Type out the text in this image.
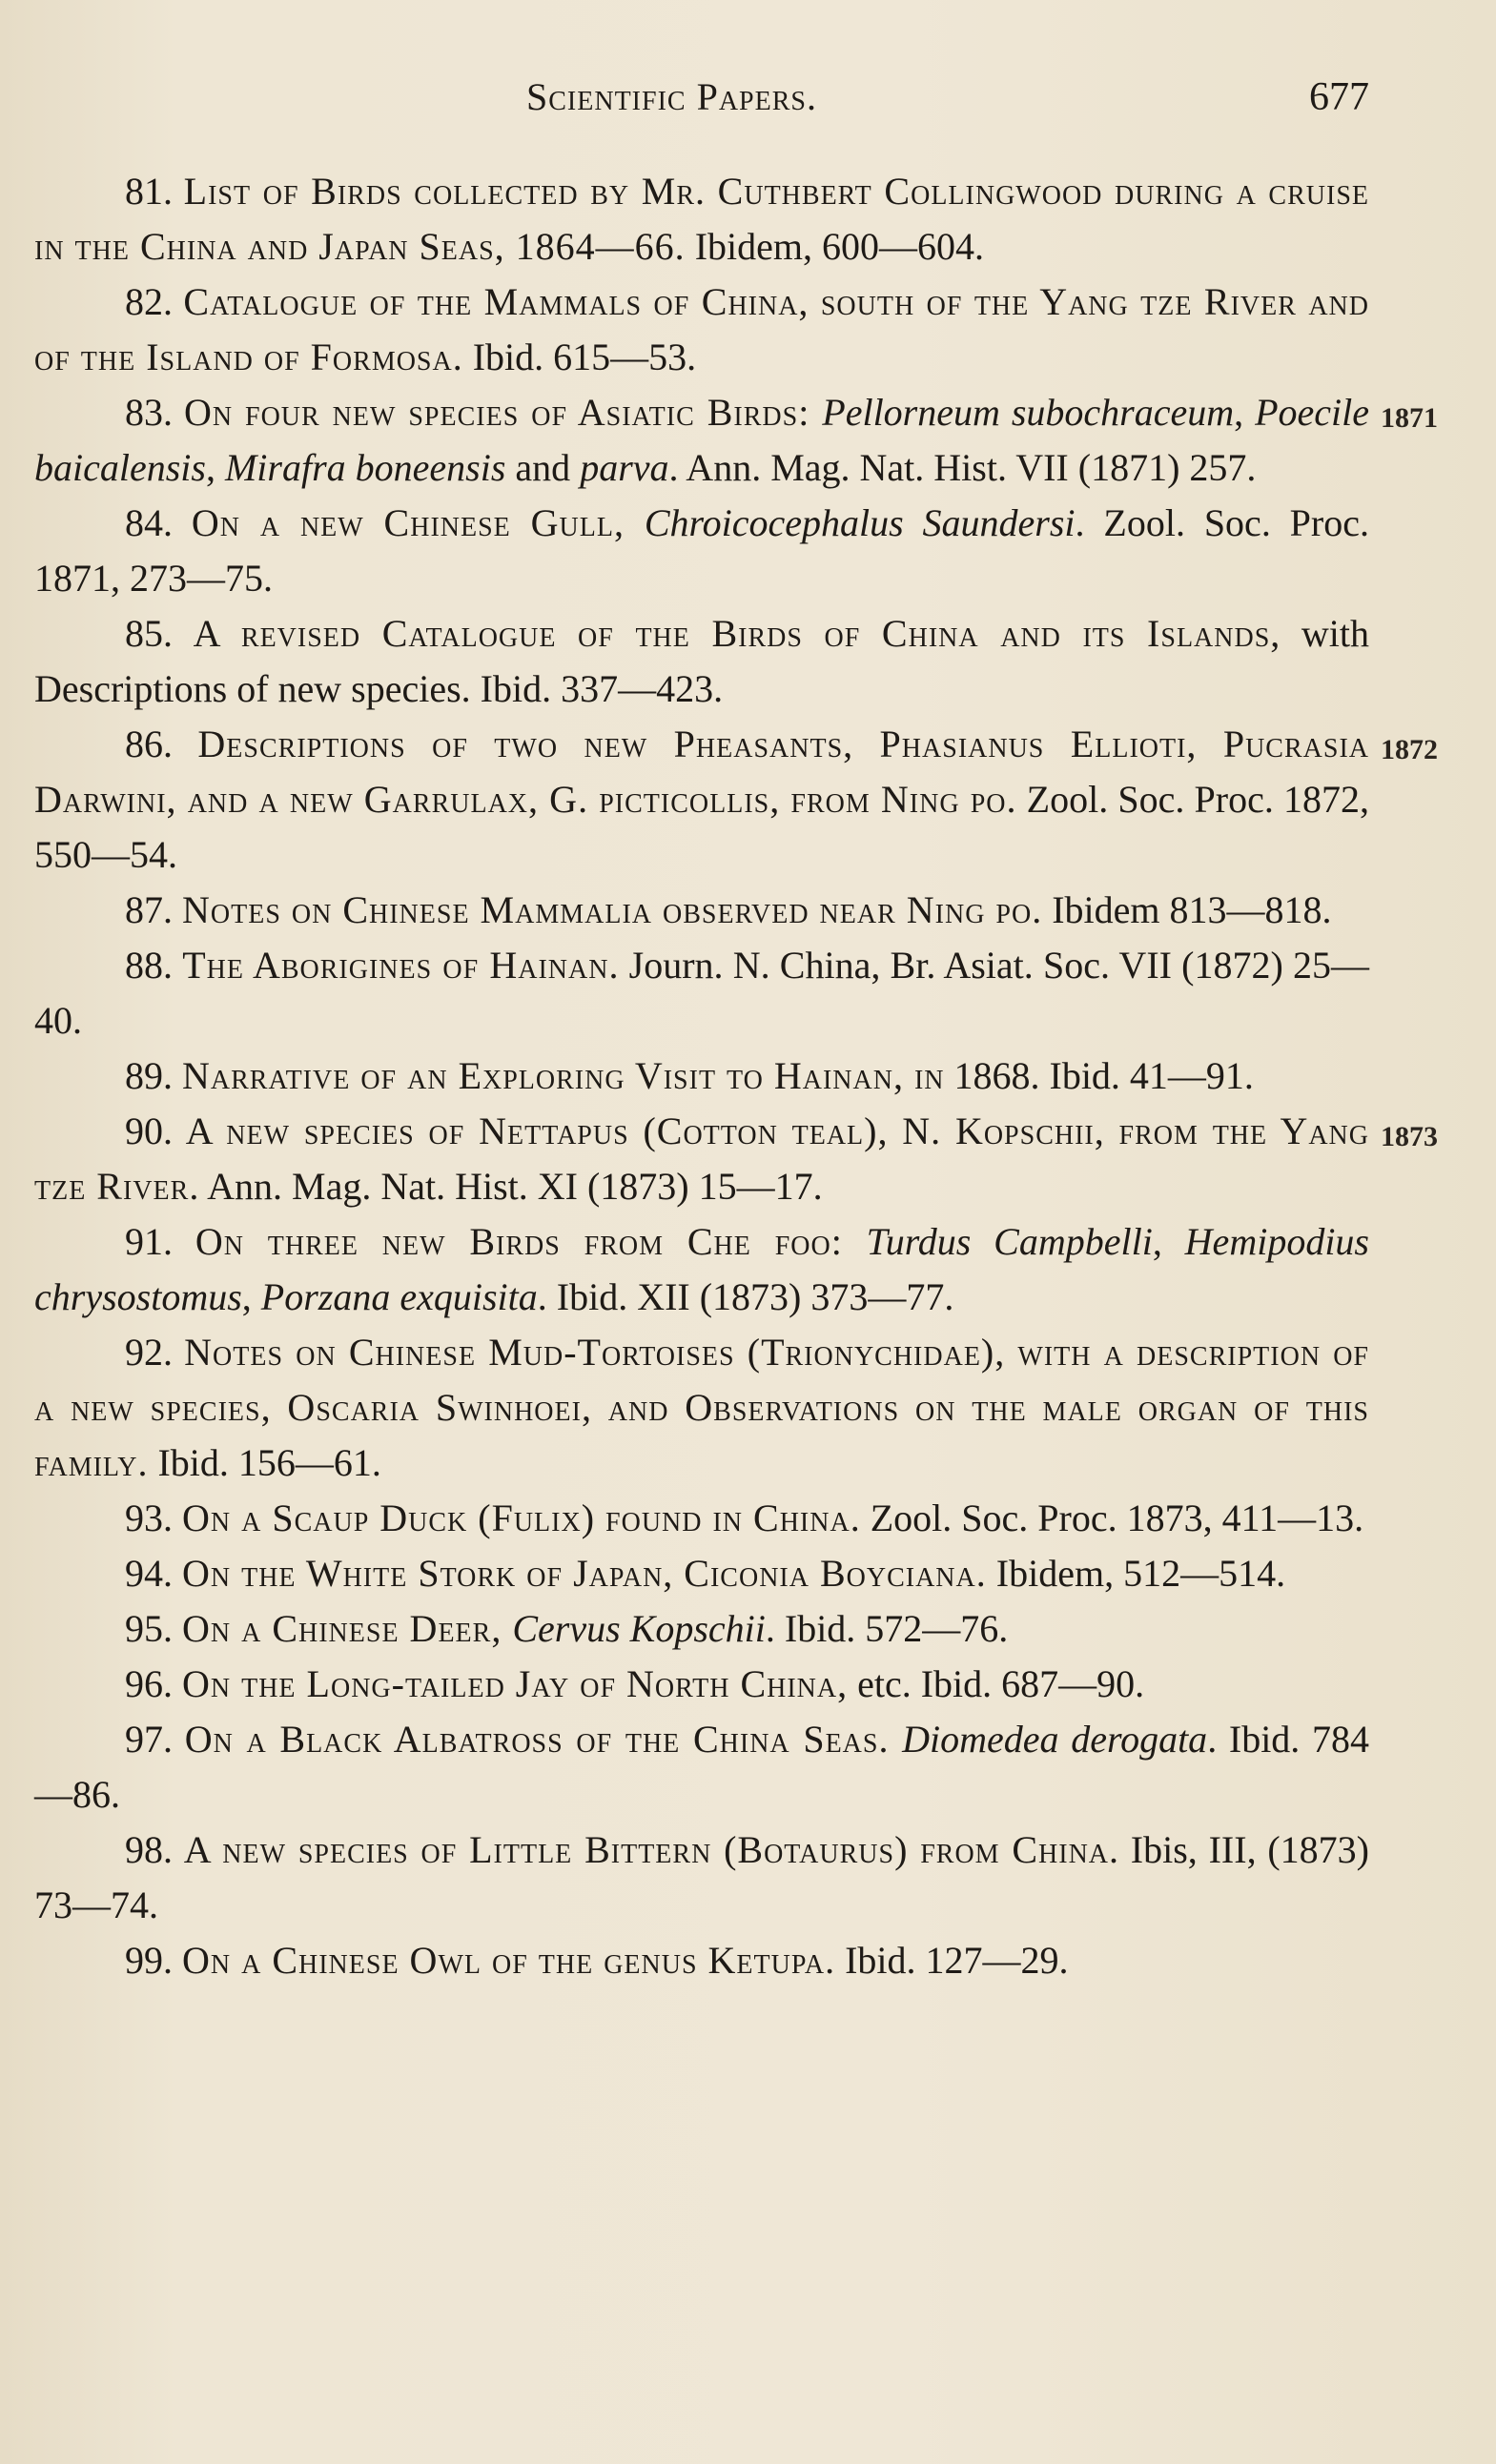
Scientific Papers.	677

81. List of Birds collected by Mr. Cuthbert Collingwood during a cruise in the China and Japan Seas, 1864—66. Ibidem, 600—604.

82. Catalogue of the Mammals of China, south of the Yang tze River and of the Island of Formosa. Ibid. 615—53.

1871
83. On four new species of Asiatic Birds: Pellorneum subochraceum, Poecile baicalensis, Mirafra boneensis and parva. Ann. Mag. Nat. Hist. VII (1871) 257.

84. On a new Chinese Gull, Chroicocephalus Saundersi. Zool. Soc. Proc. 1871, 273—75.

85. A revised Catalogue of the Birds of China and its Islands, with Descriptions of new species. Ibid. 337—423.

1872
86. Descriptions of two new Pheasants, Phasianus Ellioti, Pucrasia Darwini, and a new Garrulax, G. picticollis, from Ning po. Zool. Soc. Proc. 1872, 550—54.

87. Notes on Chinese Mammalia observed near Ning po. Ibidem 813—818.

88. The Aborigines of Hainan. Journ. N. China, Br. Asiat. Soc. VII (1872) 25—40.

89. Narrative of an Exploring Visit to Hainan, in 1868. Ibid. 41—91.

1873
90. A new species of Nettapus (Cotton teal), N. Kopschii, from the Yang tze River. Ann. Mag. Nat. Hist. XI (1873) 15—17.

91. On three new Birds from Che foo: Turdus Campbelli, Hemipodius chrysostomus, Porzana exquisita. Ibid. XII (1873) 373—77.

92. Notes on Chinese Mud-Tortoises (Trionychidae), with a description of a new species, Oscaria Swinhoei, and Observations on the male organ of this family. Ibid. 156—61.

93. On a Scaup Duck (Fulix) found in China. Zool. Soc. Proc. 1873, 411—13.

94. On the White Stork of Japan, Ciconia Boyciana. Ibidem, 512—514.

95. On a Chinese Deer, Cervus Kopschii. Ibid. 572—76.

96. On the Long-tailed Jay of North China, etc. Ibid. 687—90.

97. On a Black Albatross of the China Seas. Diomedea derogata. Ibid. 784—86.

98. A new species of Little Bittern (Botaurus) from China. Ibis, III, (1873) 73—74.

99. On a Chinese Owl of the genus Ketupa. Ibid. 127—29.
